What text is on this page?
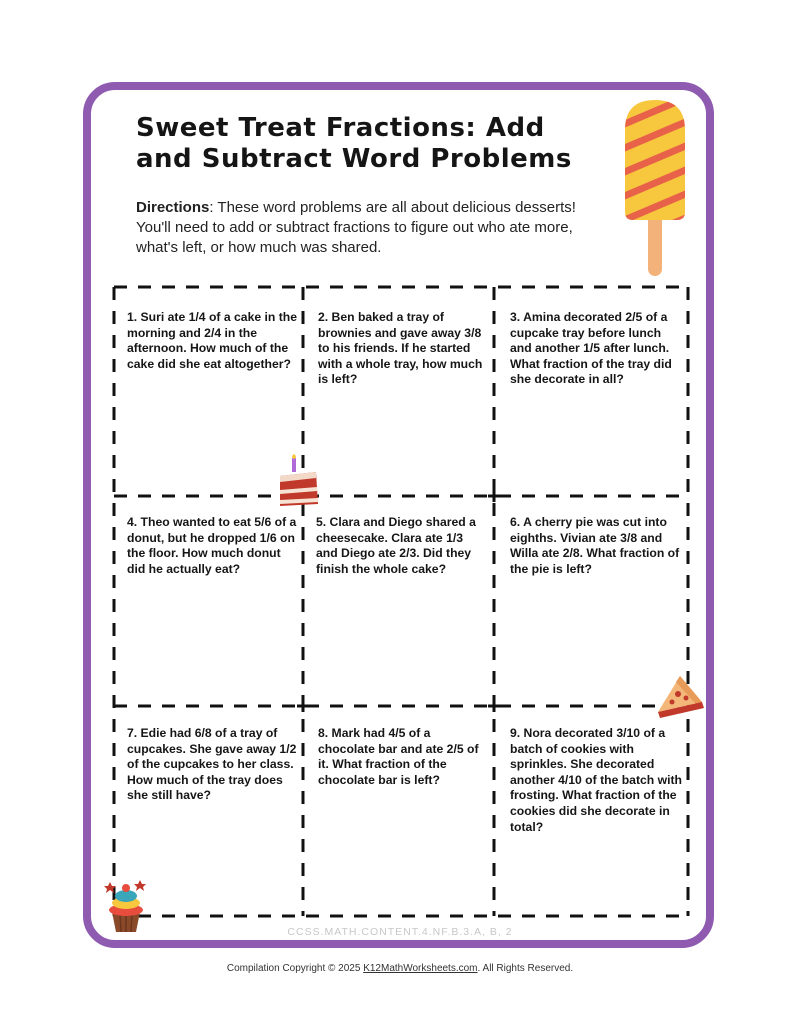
Sweet Treat Fractions: Add and Subtract Word Problems
Directions: These word problems are all about delicious desserts! You'll need to add or subtract fractions to figure out who ate more, what's left, or how much was shared.
1. Suri ate 1/4 of a cake in the morning and 2/4 in the afternoon. How much of the cake did she eat altogether?
2. Ben baked a tray of brownies and gave away 3/8 to his friends. If he started with a whole tray, how much is left?
3. Amina decorated 2/5 of a cupcake tray before lunch and another 1/5 after lunch. What fraction of the tray did she decorate in all?
4. Theo wanted to eat 5/6 of a donut, but he dropped 1/6 on the floor. How much donut did he actually eat?
5. Clara and Diego shared a cheesecake. Clara ate 1/3 and Diego ate 2/3. Did they finish the whole cake?
6. A cherry pie was cut into eighths. Vivian ate 3/8 and Willa ate 2/8. What fraction of the pie is left?
7. Edie had 6/8 of a tray of cupcakes. She gave away 1/2 of the cupcakes to her class. How much of the tray does she still have?
8. Mark had 4/5 of a chocolate bar and ate 2/5 of it. What fraction of the chocolate bar is left?
9. Nora decorated 3/10 of a batch of cookies with sprinkles. She decorated another 4/10 of the batch with frosting. What fraction of the cookies did she decorate in total?
CCSS.MATH.CONTENT.4.NF.B.3.A, B, 2
Compilation Copyright © 2025 K12MathWorksheets.com. All Rights Reserved.
